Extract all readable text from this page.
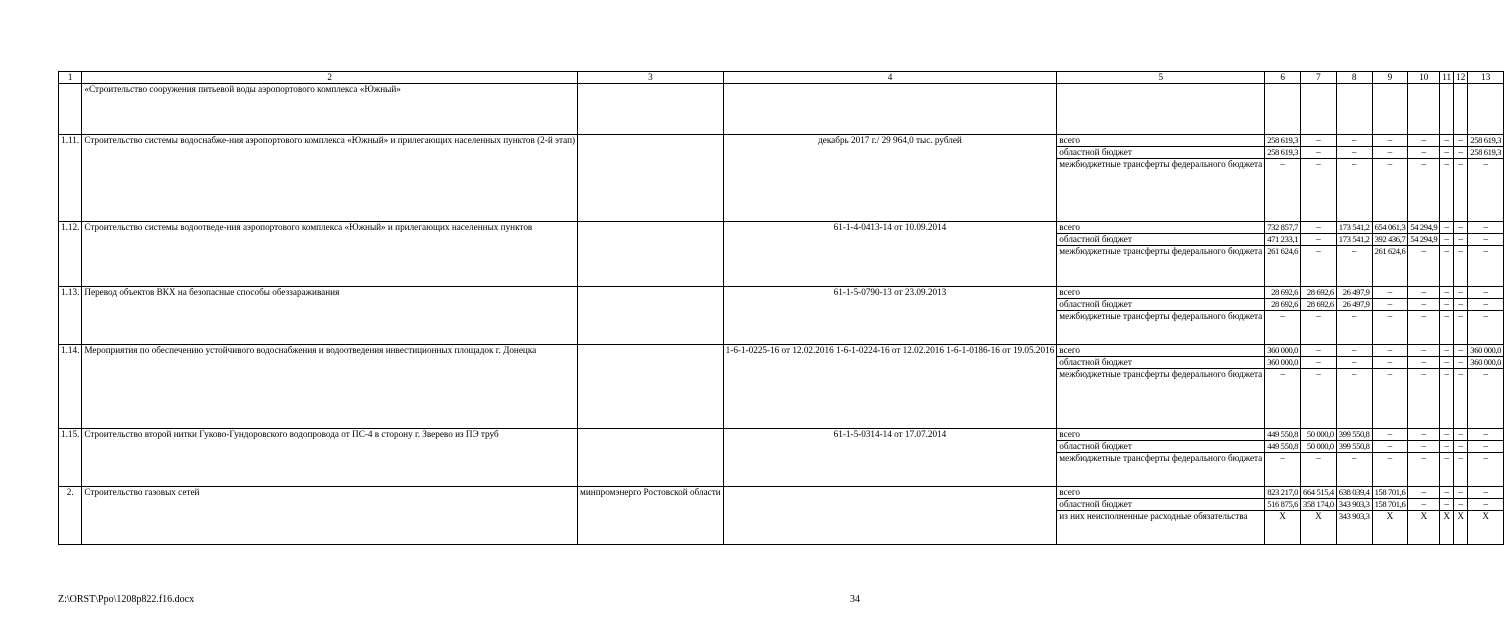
1	2	3	4	5	6	7	8	9	10	11	12	13
	«Строительство сооружения питьевой воды аэропортового комплекса «Южный»											
1.11.	Строительство системы водоснабже-ния аэропортового комплекса «Южный» и прилегающих населенных пунктов (2-й этап)		декабрь 2017 г./ 29 964,0 тыс. рублей	всего	258 619,3	–	–	–	–	–	–	258 619,3
				областной бюджет	258 619,3	–	–	–	–	–	–	258 619,3
				межбюджетные трансферты федерального бюджета	–	–	–	–	–	–	–	–
1.12.	Строительство системы водоотведе-ния аэропортового комплекса «Южный» и прилегающих населенных пунктов		61-1-4-0413-14 от 10.09.2014	всего	732 857,7	–	173 541,2	654 061,3	54 294,9	–	–	–
				областной бюджет	471 233,1	–	173 541,2	392 436,7	54 294,9	–	–	–
				межбюджетные трансферты федерального бюджета	261 624,6	–	–	261 624,6	–	–	–	–
1.13.	Перевод объектов ВКХ на безопасные способы обеззараживания		61-1-5-0790-13 от 23.09.2013	всего	28 692,6	28 692,6	26 497,9	–	–	–	–	–
				областной бюджет	28 692,6	28 692,6	26 497,9	–	–	–	–	–
				межбюджетные трансферты федерального бюджета	–	–	–	–	–	–	–	–
1.14.	Мероприятия по обеспечению устойчивого водоснабжения и водоотведения инвестиционных площадок г. Донецка		1-6-1-0225-16 от 12.02.2016 1-6-1-0224-16 от 12.02.2016 1-6-1-0186-16 от 19.05.2016	всего	360 000,0	–	–	–	–	–	–	360 000,0
				областной бюджет	360 000,0	–	–	–	–	–	–	360 000,0
				межбюджетные трансферты федерального бюджета	–	–	–	–	–	–	–	–
1.15.	Строительство второй нитки Гуково-Гундоровского водопровода от ПС-4 в сторону г. Зверево из ПЭ труб		61-1-5-0314-14 от 17.07.2014	всего	449 550,8	50 000,0	399 550,8	–	–	–	–	–
				областной бюджет	449 550,8	50 000,0	399 550,8	–	–	–	–	–
				межбюджетные трансферты федерального бюджета	–	–	–	–	–	–	–	–
2.	Строительство газовых сетей	минпромэнерго Ростовской области		всего	823 217,0	664 515,4	638 039,4	158 701,6	–	–	–	–
				областной бюджет	516 875,6	358 174,0	343 903,3	158 701,6	–	–	–	–
				из них неисполненные расходные обязательства	X	X	343 903,3	X	X	X	X	X
Z:\ORST\Ppo\1208p822.f16.docx	34
